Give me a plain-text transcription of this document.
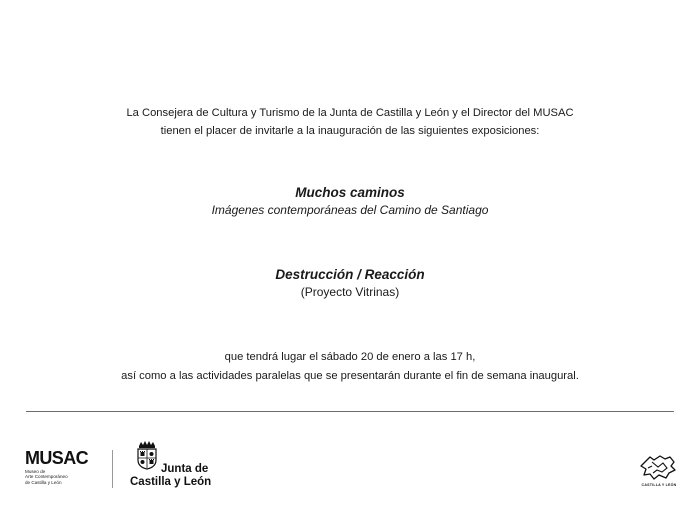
La Consejera de Cultura y Turismo de la Junta de Castilla y León y el Director del MUSAC
tienen el placer de invitarle a la inauguración de las siguientes exposiciones:
Muchos caminos
Imágenes contemporáneas del Camino de Santiago
Destrucción / Reacción
(Proyecto Vitrinas)
que tendrá lugar el sábado 20 de enero a las 17 h,
así como a las actividades paralelas que se presentarán durante el fin de semana inaugural.
MUSAC
Museo de
Arte Contemporáneo
de Castilla y León
Junta de
Castilla y León	CASTILLA Y LEÓN
